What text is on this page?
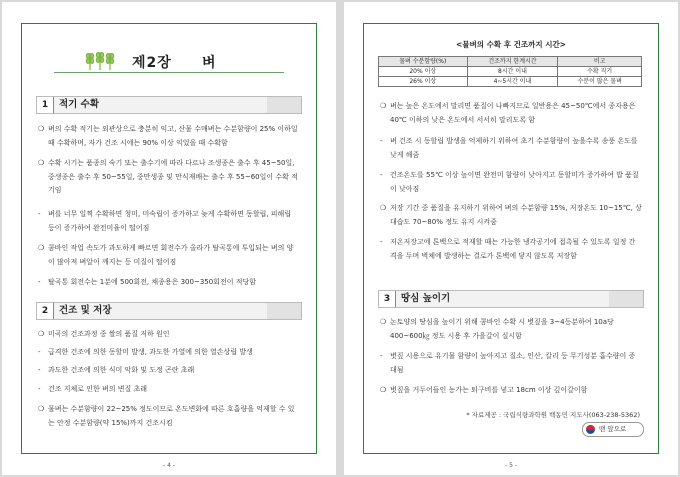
제2장 벼
1	적기 수확
❍ 벼의 수확 적기는 외관상으로 충분히 익고, 산물 수매벼는 수분함량이 25% 이하일 때 수확하며, 자가 건조 시에는 90% 이상 익었을 때 수확함
❍ 수확 시기는 품종의 숙기 또는 출수기에 따라 다르나 조생종은 출수 후 45~50일, 중생종은 출수 후 50~55일, 중만생종 및 만식재배는 출수 후 55~60일이 수확 적기임
-	벼를 너무 일찍 수확하면 청미, 미숙립이 증가하고 늦게 수확하면 동할립, 피해립 등이 증가하여 완전미율이 떨어짐
❍ 콤바인 작업 속도가 과도하게 빠르면 회전수가 올라가 탈곡통에 투입되는 벼의 양이 많아져 벼알이 깨지는 등 미질이 떨어짐
-	탈곡통 회전수는 1분에 500회전, 채종용은 300~350회전이 적당함
2	건조 및 저장
❍ 미곡의 건조과정 중 쌀의 품질 저하 원인
-	급격한 건조에 의한 동할미 발생, 과도한 가열에 의한 열손상립 발생
-	과도한 건조에 의한 식미 악화 및 도정 곤란 초래
-	건조 지체로 인한 벼의 변질 초래
❍ 물벼는 수분함량이 22~25% 정도이므로 온도변화에 따른 호흡량을 억제할 수 있는 안정 수분함량(약 15%)까지 건조시킴
- 4 -
<물벼의 수확 후 건조까지 시간>
물벼 수분함량(%)	건조까지 한계시간	비고
20% 이상	8시간 이내	수확 직기
26% 이상	4~5시간 이내	수분이 많은 물벼
❍ 벼는 높은 온도에서 말리면 품질이 나빠지므로 일반용은 45~50℃에서 종자용은 40℃ 이하의 낮은 온도에서 서서히 말리도록 함
-	벼 건조 시 동할립 발생을 억제하기 위하여 초기 수분함량이 높을수록 송풍 온도를 낮게 해줌
-	건조온도를 55℃ 이상 높이면 완전미 함량이 낮아지고 동할미가 증가하여 밥 품질이 낮아짐
❍ 저장 기간 중 품질을 유지하기 위하여 벼의 수분함량 15%, 저장온도 10~15℃, 상대습도 70~80% 정도 유지 시켜줌
-	저온저장고에 톤백으로 적재할 때는 가능한 냉각공기에 접촉될 수 있도록 일정 간격을 두며 벽체에 발생하는 결로가 톤백에 닿지 않도록 저장함
3	땅심 높이기
❍ 논토양의 땅심을 높이기 위해 콤바인 수확 시 볏짚을 3~4등분하여 10a당 400~600㎏ 정도 시용 후 가을갈이 실시함
-	볏짚 시용으로 유기물 함량이 높아지고 질소, 인산, 칼리 등 무기성분 흡수량이 증대됨
❍ 볏짚을 거두어들인 농가는 퇴구비를 넣고 18cm 이상 깊이갈이함
* 자료제공 : 국립식량과학원 백동민 지도사(063-238-5362)
맨 앞으로
- 5 -
